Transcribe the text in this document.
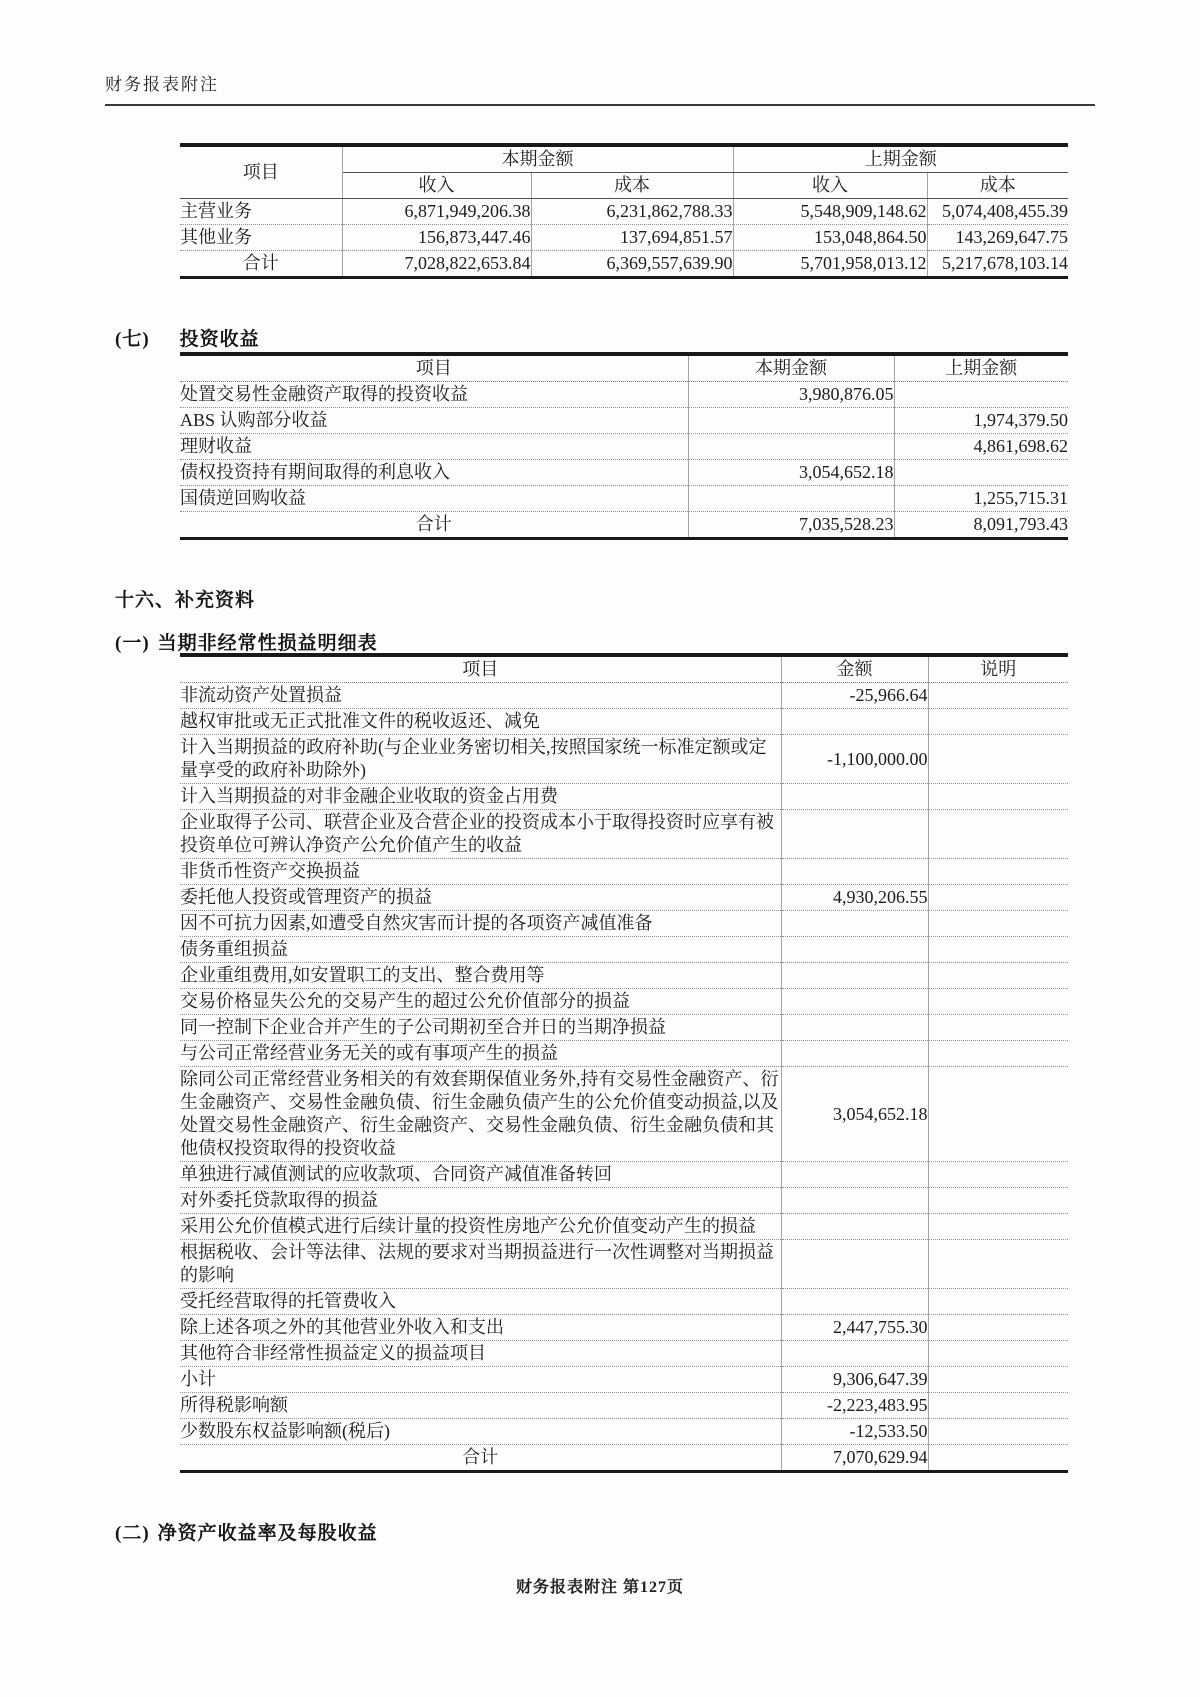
财务报表附注
项目	本期金额		上期金额	
	收入	成本	收入	成本
主营业务	6,871,949,206.38	6,231,862,788.33	5,548,909,148.62	5,074,408,455.39
其他业务	156,873,447.46	137,694,851.57	153,048,864.50	143,269,647.75
合计	7,028,822,653.84	6,369,557,639.90	5,701,958,013.12	5,217,678,103.14
(七) 投资收益
项目	本期金额	上期金额
处置交易性金融资产取得的投资收益	3,980,876.05	
ABS 认购部分收益		1,974,379.50
理财收益		4,861,698.62
债权投资持有期间取得的利息收入	3,054,652.18	
国债逆回购收益		1,255,715.31
合计	7,035,528.23	8,091,793.43
十六、补充资料
(一) 当期非经常性损益明细表
项目	金额	说明
非流动资产处置损益	-25,966.64	
越权审批或无正式批准文件的税收返还、减免		
计入当期损益的政府补助(与企业业务密切相关,按照国家统一标准定额或定量享受的政府补助除外)	-1,100,000.00	
计入当期损益的对非金融企业收取的资金占用费		
企业取得子公司、联营企业及合营企业的投资成本小于取得投资时应享有被投资单位可辨认净资产公允价值产生的收益		
非货币性资产交换损益		
委托他人投资或管理资产的损益	4,930,206.55	
因不可抗力因素,如遭受自然灾害而计提的各项资产减值准备		
债务重组损益		
企业重组费用,如安置职工的支出、整合费用等		
交易价格显失公允的交易产生的超过公允价值部分的损益		
同一控制下企业合并产生的子公司期初至合并日的当期净损益		
与公司正常经营业务无关的或有事项产生的损益		
除同公司正常经营业务相关的有效套期保值业务外,持有交易性金融资产、衍生金融资产、交易性金融负债、衍生金融负债产生的公允价值变动损益,以及处置交易性金融资产、衍生金融资产、交易性金融负债、衍生金融负债和其他债权投资取得的投资收益	3,054,652.18	
单独进行减值测试的应收款项、合同资产减值准备转回		
对外委托贷款取得的损益		
采用公允价值模式进行后续计量的投资性房地产公允价值变动产生的损益		
根据税收、会计等法律、法规的要求对当期损益进行一次性调整对当期损益的影响		
受托经营取得的托管费收入		
除上述各项之外的其他营业外收入和支出	2,447,755.30	
其他符合非经常性损益定义的损益项目		
小计	9,306,647.39	
所得税影响额	-2,223,483.95	
少数股东权益影响额(税后)	-12,533.50	
合计	7,070,629.94	
(二) 净资产收益率及每股收益
财务报表附注 第127页
